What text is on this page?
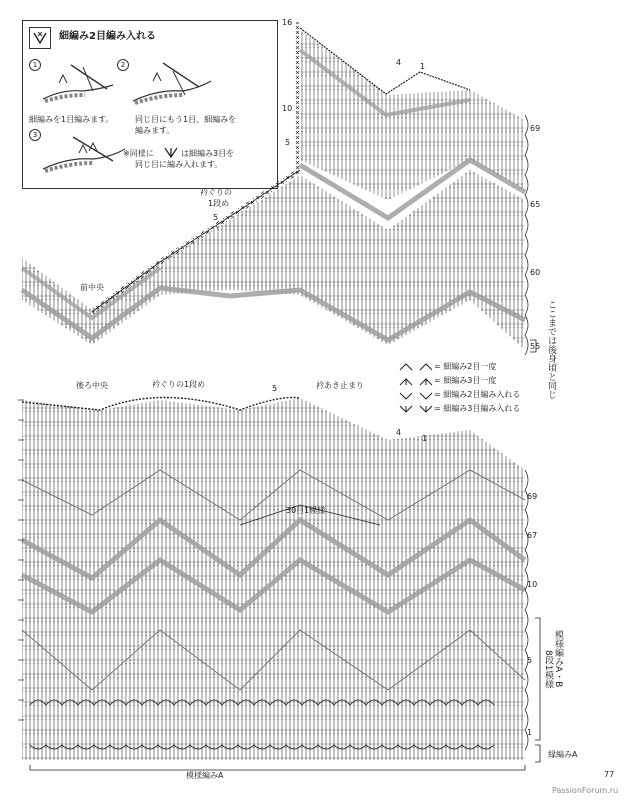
細編み2目編み入れる
1	2
3
細編みを1目編みます。	同じ目にもう1目、細編みを
編みます。
※同様に	は細編み3目を
同じ目に編み入れます。
16
10
5
4 1
69
65
60
55
5
衿ぐりの
1段め
前中央
ここまでは後身頃と同じ
= 細編み2目一度
= 細編み3目一度
= 細編み2目編み入れる
= 細編み3目編み入れる
後ろ中央	衿ぐりの1段め	衿あき止まり
5
4
1
69
67
10
5
1
30目1模様
模様編みA・B
8段1模様
縁編みA
模様編みA	77
PassionForum.ru
